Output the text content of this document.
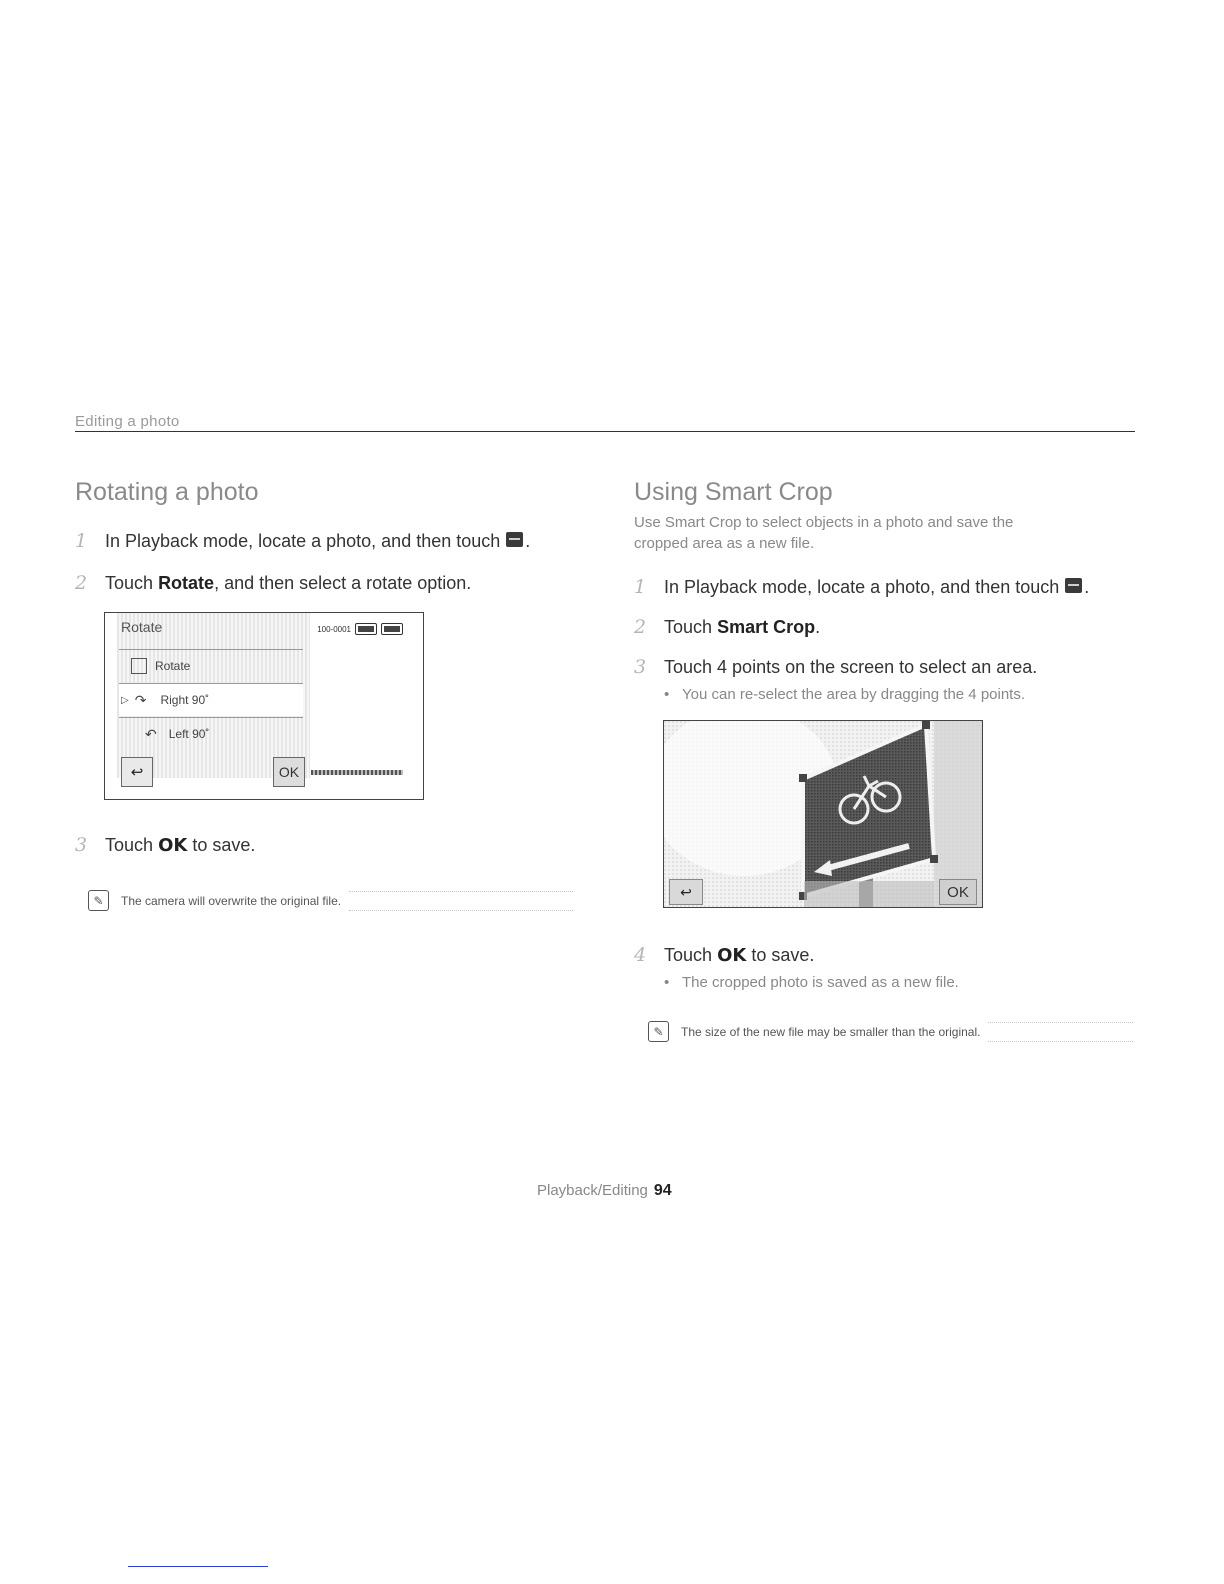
Editing a photo
Rotating a photo
1 In Playback mode, locate a photo, and then touch .
2 Touch
Rotate , and then select a rotate option.
Rotate	100-0001
Rotate
▷ ↷ Right 90˚
↶ Left 90˚
↩	OK
3 Touch
OK
to save.
✎	The camera will overwrite the original file.
Using Smart Crop
Use Smart Crop to select objects in a photo and save the
cropped area as a new file.
1 In Playback mode, locate a photo, and then touch .
2 Touch
Smart Crop .
3 Touch 4 points on the screen to select an area.
• You can re-select the area by dragging the 4 points.
↩	OK
4 Touch
OK
to save.
• The cropped photo is saved as a new file.
✎	The size of the new file may be smaller than the original.
Playback/Editing 94
